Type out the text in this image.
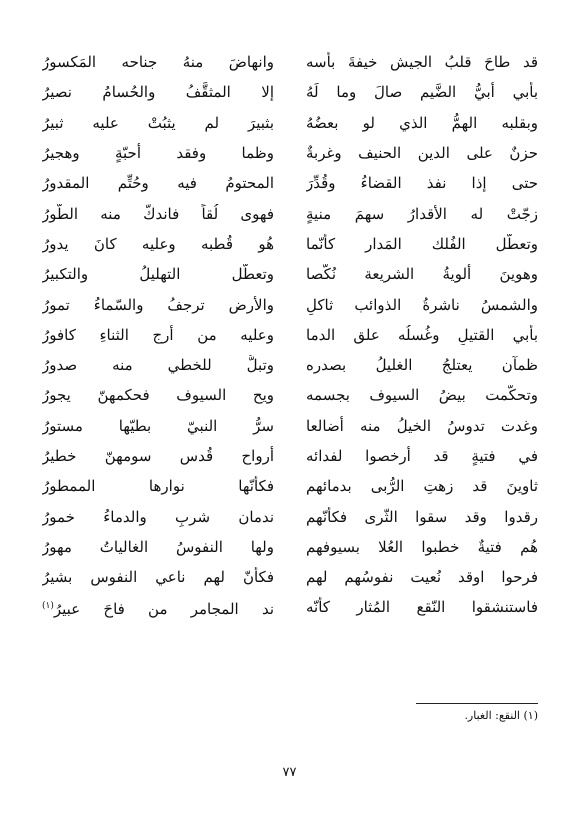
قد طاحَ قلبُ الجيش خيفةَ بأسه
وانهاضَ منهُ جناحه المَكسورُ
بأبي أبيُّ الضَّيمِ صالَ وما لَهُ
إلا المثقَّفُ والحُسامُ نصيرُ
وبقلبه الهمُّ الذي لو بعضُهُ
بثبيرَ لم يثبُتْ عليه ثبيرُ
حزنٌ على الدين الحنيف وغربةٌ
وظما وفقد أحبّةٍ وهجيرُ
حتى إذا نفذ القضاءُ وقُدِّرَ
المحتومُ فيه وحُتِّم المقدورُ
زجّتْ له الأقدارُ سهمَ منيةٍ
فهوى لُقاً فاندكّ منه الطُّورُ
وتعطّل الفُلك المَدار كأنّما
هُو قُطبه وعليه كانَ يدورُ
وهوينَ ألويةُ الشريعة نُكّصا
وتعطّل التهليلُ والتكبيرُ
والشمسُ ناشرةُ الذوائب ثاكلٍ
والأرض ترجفُ والسّماءُ تمورُ
بأبي القتيلِ وغُسلُه علق الدما
وعليه من أرج الثناءِ كافورُ
ظمآن يعتلجُ الغليلُ بصدره
وتبلُّ للخطي منه صدورُ
وتحكّمت بيضُ السيوف بجسمه
ويح السيوف فحكمهنّ يجورُ
وغدت تدوسُ الخيلُ منه أضالعا
سرُّ النبيّ بطيّها مستورُ
في فتيةٍ قد أرخصوا لفدائه
أرواح قُدس سومهنّ خطيرُ
ثاوينَ قد زهتِ الرُّبى بدمائهم
فكأنّها نوارها الممطورُ
رقدوا وقد سقوا الثّرى فكأنّهم
ندمان شربٍ والدماءُ خمورُ
هُم فتيةٌ خطبوا العُلا بسيوفهم
ولها النفوسُ الغالياتُ مهورُ
فرحوا اوقد نُعيت نفوسُهم لهم
فكأنّ لهم ناعي النفوس بشيرُ
فاستنشقوا النّقع المُثار كأنّه
ند المجامر من فاحَ عبيرُ$^{(١)}$
(١) النقع: الغبار.
٧٧
